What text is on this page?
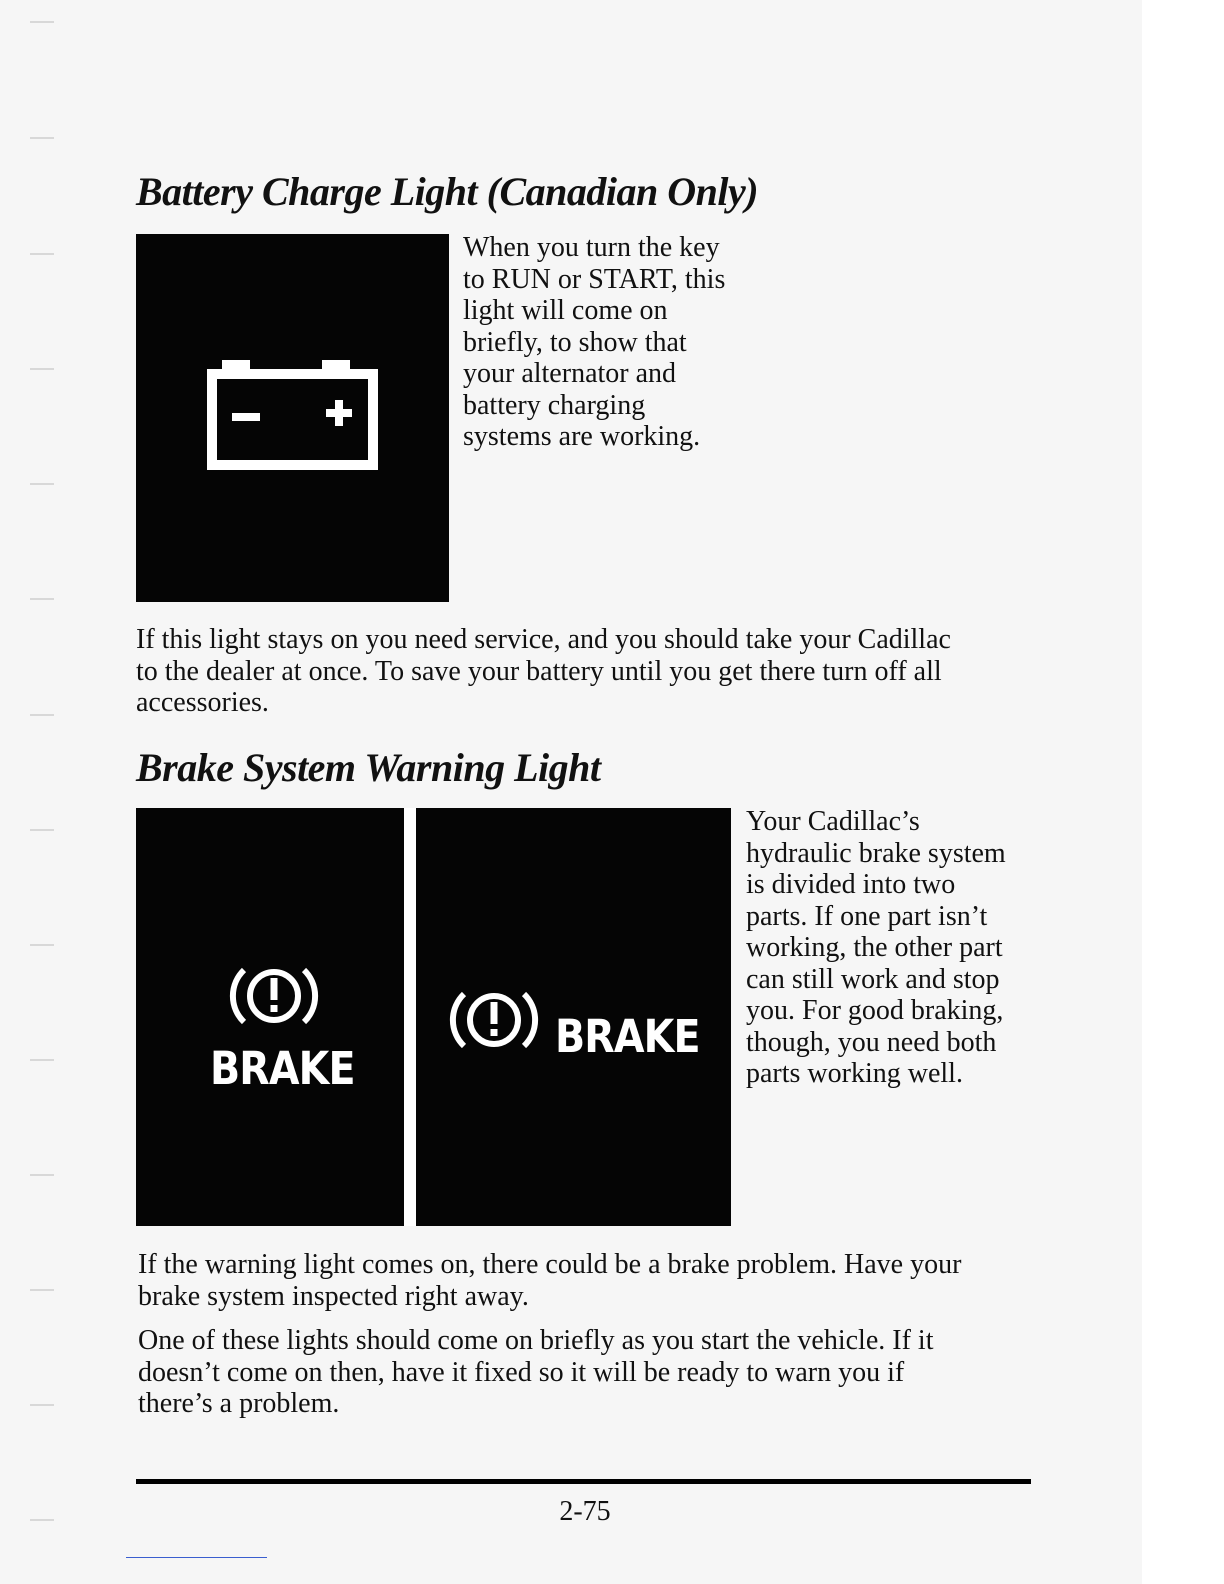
Battery Charge Light (Canadian Only)
When you turn the key
to RUN or START, this
light will come on
briefly, to show that
your alternator and
battery charging
systems are working.
If this light stays on you need service, and you should take your Cadillac
to the dealer at once. To save your battery until you get there turn off all
accessories.
Brake System Warning Light
BRAKE
BRAKE
Your Cadillac’s
hydraulic brake system
is divided into two
parts. If one part isn’t
working, the other part
can still work and stop
you. For good braking,
though, you need both
parts working well.
If the warning light comes on, there could be a brake problem. Have your
brake system inspected right away.
One of these lights should come on briefly as you start the vehicle. If it
doesn’t come on then, have it fixed so it will be ready to warn you if
there’s a problem.
2-75
